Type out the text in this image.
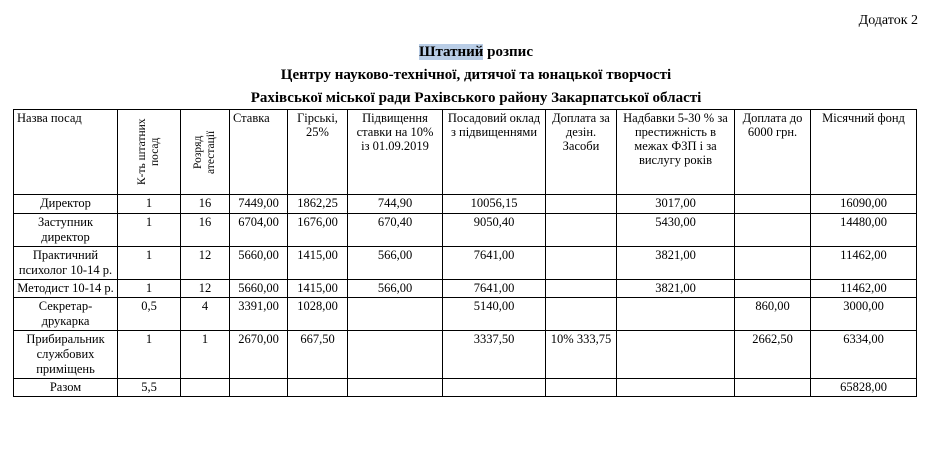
Додаток 2
Штатний розпис
Центру науково-технічної, дитячої та юнацької творчості
Рахівської міської ради Рахівського району Закарпатської області
Назва посад	К-ть штатних посад	Розряд атестації	Ставка	Гірські, 25%	Підвищення ставки на 10% із 01.09.2019	Посадовий оклад з підвищеннями	Доплата за дезін. Засоби	Надбавки 5-30 % за престижність в межах ФЗП і за вислугу років	Доплата до 6000 грн.	Місячний фонд
Директор	1	16	7449,00	1862,25	744,90	10056,15		3017,00		16090,00
Заступник директор	1	16	6704,00	1676,00	670,40	9050,40		5430,00		14480,00
Практичний психолог 10-14 р.	1	12	5660,00	1415,00	566,00	7641,00		3821,00		11462,00
Методист 10-14 р.	1	12	5660,00	1415,00	566,00	7641,00		3821,00		11462,00
Секретар-друкарка	0,5	4	3391,00	1028,00		5140,00			860,00	3000,00
Прибиральник службових приміщень	1	1	2670,00	667,50		3337,50	10% 333,75		2662,50	6334,00
Разом	5,5									65828,00
